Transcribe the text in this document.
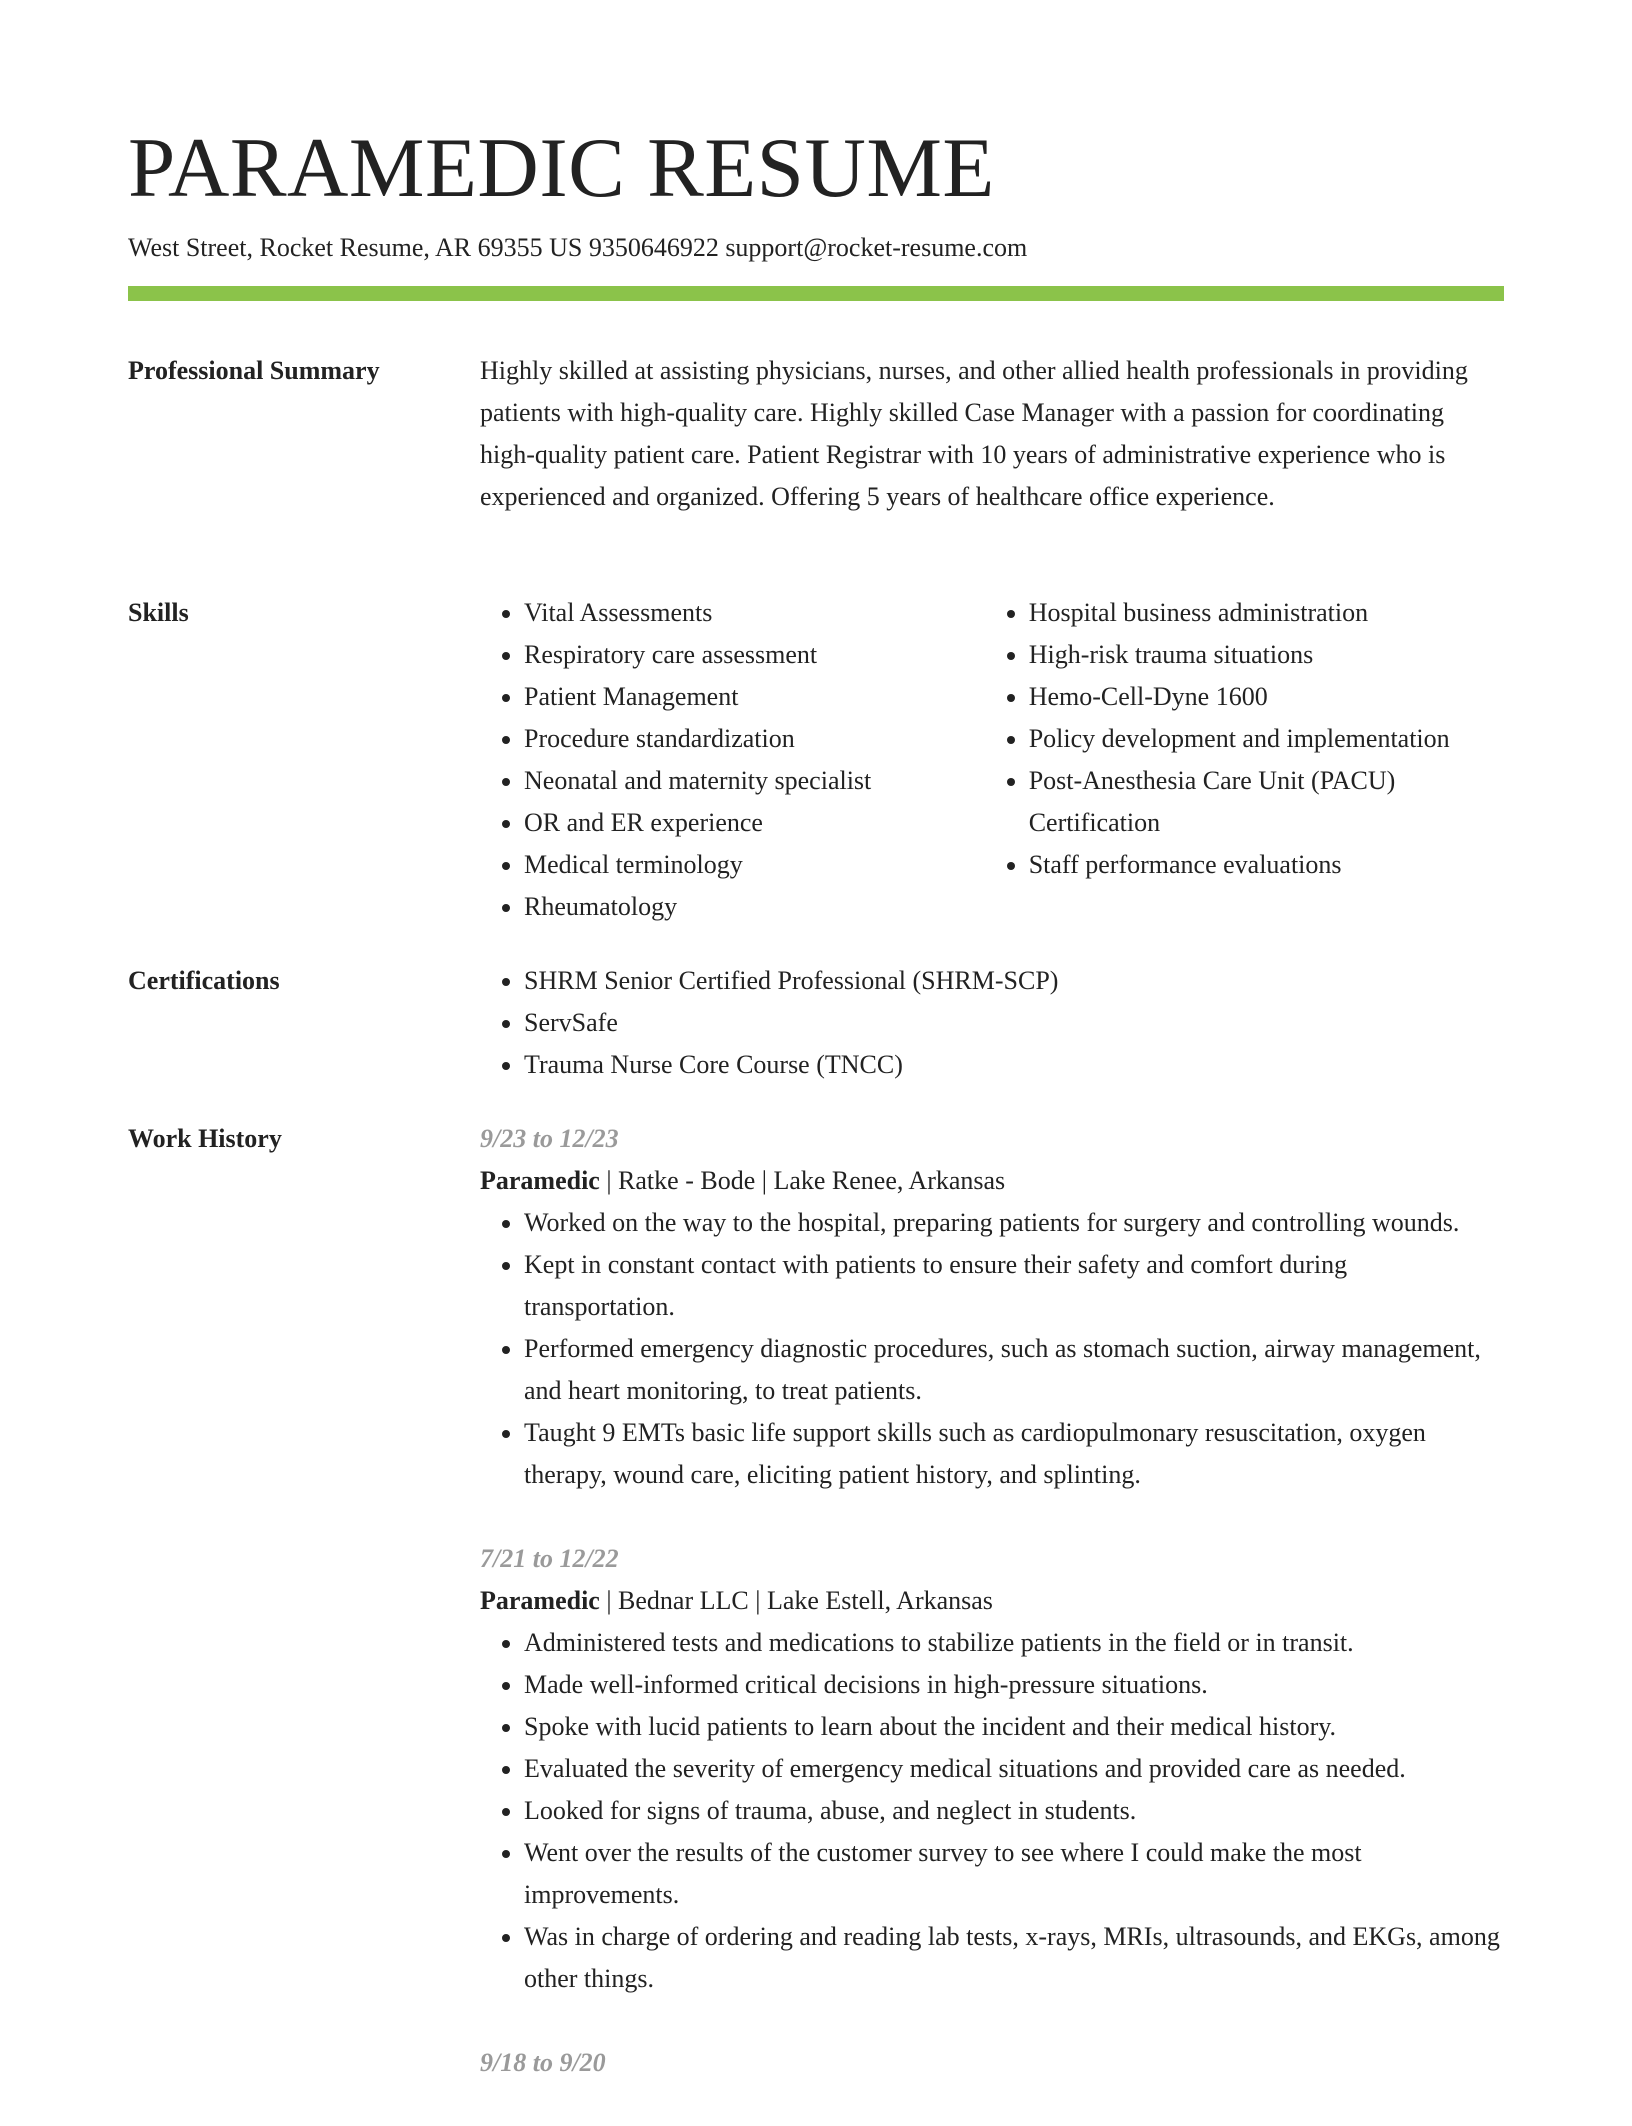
PARAMEDIC RESUME
West Street, Rocket Resume, AR 69355 US 9350646922 support@rocket-resume.com
Professional Summary	Highly skilled at assisting physicians, nurses, and other allied health professionals in providing patients with high-quality care. Highly skilled Case Manager with a passion for coordinating high-quality patient care. Patient Registrar with 10 years of administrative experience who is experienced and organized. Offering 5 years of healthcare office experience.

Skills	• Vital Assessments
• Respiratory care assessment
• Patient Management
• Procedure standardization
• Neonatal and maternity specialist
• OR and ER experience
• Medical terminology
• Rheumatology
• Hospital business administration
• High-risk trauma situations
• Hemo-Cell-Dyne 1600
• Policy development and implementation
• Post-Anesthesia Care Unit (PACU) Certification
• Staff performance evaluations
Certifications	• SHRM Senior Certified Professional (SHRM-SCP)
• ServSafe
• Trauma Nurse Core Course (TNCC)
Work History	9/23 to 12/23

Paramedic | Ratke - Bode | Lake Renee, Arkansas

• Worked on the way to the hospital, preparing patients for surgery and controlling wounds.
• Kept in constant contact with patients to ensure their safety and comfort during transportation.
• Performed emergency diagnostic procedures, such as stomach suction, airway management, and heart monitoring, to treat patients.
• Taught 9 EMTs basic life support skills such as cardiopulmonary resuscitation, oxygen therapy, wound care, eliciting patient history, and splinting.

7/21 to 12/22

Paramedic | Bednar LLC | Lake Estell, Arkansas

• Administered tests and medications to stabilize patients in the field or in transit.
• Made well-informed critical decisions in high-pressure situations.
• Spoke with lucid patients to learn about the incident and their medical history.
• Evaluated the severity of emergency medical situations and provided care as needed.
• Looked for signs of trauma, abuse, and neglect in students.
• Went over the results of the customer survey to see where I could make the most improvements.
• Was in charge of ordering and reading lab tests, x-rays, MRIs, ultrasounds, and EKGs, among other things.

9/18 to 9/20
